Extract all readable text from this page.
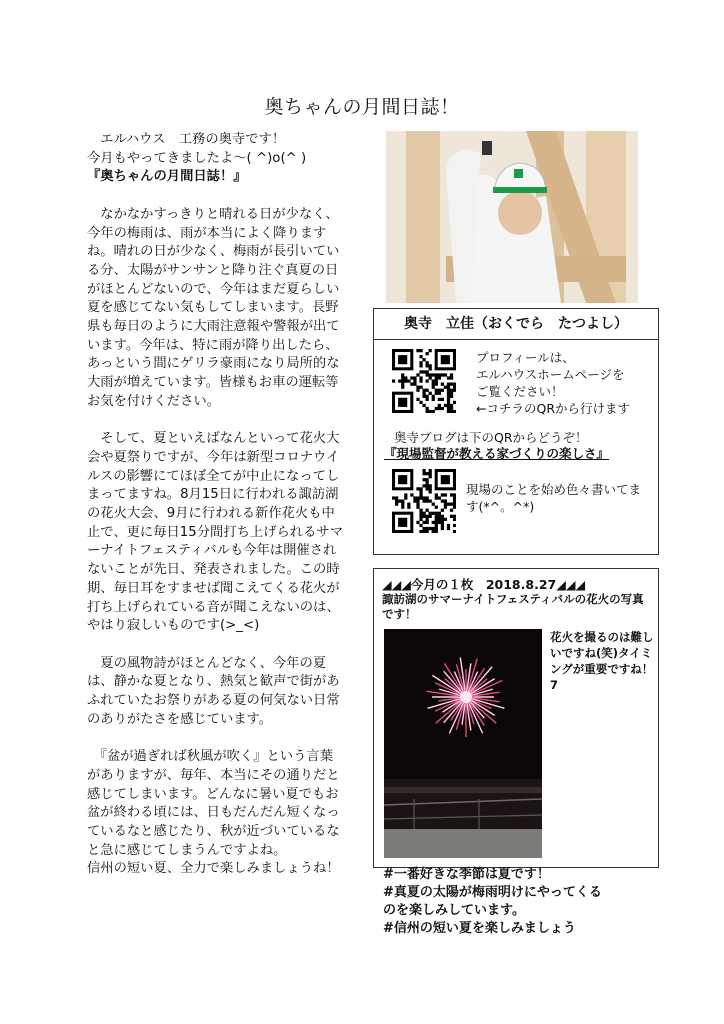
奥ちゃんの月間日誌！

　エルハウス　工務の奥寺です！
今月もやってきましたよ〜( ^)o(^ )
『奥ちゃんの月間日誌！』

　なかなかすっきりと晴れる日が少なく、今年の梅雨は、雨が本当によく降りますね。晴れの日が少なく、梅雨が長引いている分、太陽がサンサンと降り注ぐ真夏の日がほとんどないので、今年はまだ夏らしい夏を感じてない気もしてしまいます。長野県も毎日のように大雨注意報や警報が出ています。今年は、特に雨が降り出したら、あっという間にゲリラ豪雨になり局所的な大雨が増えています。皆様もお車の運転等お気を付けください。

　そして、夏といえばなんといって花火大会や夏祭りですが、今年は新型コロナウイルスの影響にてほぼ全てが中止になってしまってますね。8月15日に行われる諏訪湖の花火大会、9月に行われる新作花火も中止で、更に毎日15分間打ち上げられるサマーナイトフェスティバルも今年は開催されないことが先日、発表されました。この時期、毎日耳をすませば聞こえてくる花火が打ち上げられている音が聞こえないのは、やはり寂しいものです(>_<)

　夏の風物詩がほとんどなく、今年の夏は、静かな夏となり、熱気と歓声で街があふれていたお祭りがある夏の何気ない日常のありがたさを感じています。

　『盆が過ぎれば秋風が吹く』という言葉がありますが、毎年、本当にその通りだと感じてしまいます。どんなに暑い夏でもお盆が終わる頃には、日もだんだん短くなっているなと感じたり、秋が近づいているなと急に感じてしまうんですよね。
信州の短い夏、全力で楽しみましょうね！

奥寺　立佳（おくでら　たつよし）
プロフィールは、
エルハウスホームページを
ご覧ください！
←コチラのQRから行けます
奥寺ブログは下のQRからどうぞ！
『現場監督が教える家づくりの楽しさ』
現場のことを始め色々書いてます(*^。^*)
◢◢◢今月の１枚　2018.8.27◢◢◢
諏訪湖のサマーナイトフェスティバルの花火の写真です！
花火を撮るのは難しいですね(笑)タイミングが重要ですね！7
#一番好きな季節は夏です！
#真夏の太陽が梅雨明けにやってくる
のを楽しみしています。
#信州の短い夏を楽しみましょう
